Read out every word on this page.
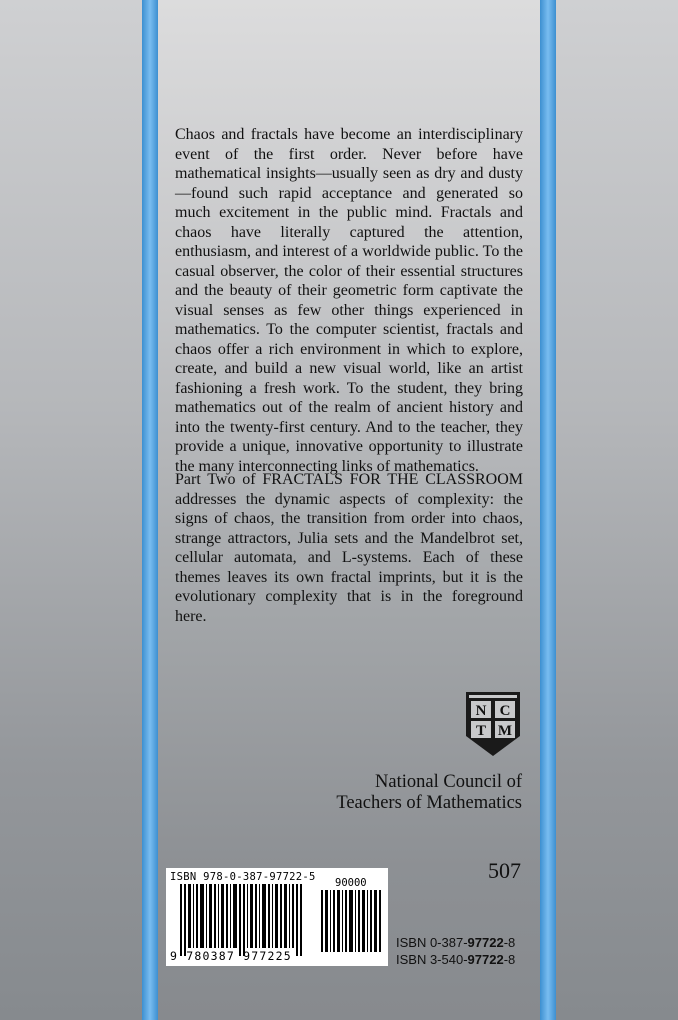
Chaos and fractals have become an interdisciplinary event of the first order. Never before have mathematical insights—usually seen as dry and dusty—found such rapid acceptance and generated so much excitement in the public mind. Fractals and chaos have literally captured the attention, enthusiasm, and interest of a worldwide public. To the casual observer, the color of their essential structures and the beauty of their geometric form captivate the visual senses as few other things experienced in mathematics. To the computer scientist, fractals and chaos offer a rich environment in which to explore, create, and build a new visual world, like an artist fashioning a fresh work. To the student, they bring mathematics out of the realm of ancient history and into the twenty-first century. And to the teacher, they provide a unique, innovative opportunity to illustrate the many interconnecting links of mathematics.

Part Two of FRACTALS FOR THE CLASSROOM addresses the dynamic aspects of complexity: the signs of chaos, the transition from order into chaos, strange attractors, Julia sets and the Mandelbrot set, cellular automata, and L-systems. Each of these themes leaves its own fractal imprints, but it is the evolutionary complexity that is in the foreground here.

N C
T M
National Council of
Teachers of Mathematics
507
ISBN 978-0-387-97722-5 90000
9 780387 977225
ISBN 0-387-97722-8
ISBN 3-540-97722-8
